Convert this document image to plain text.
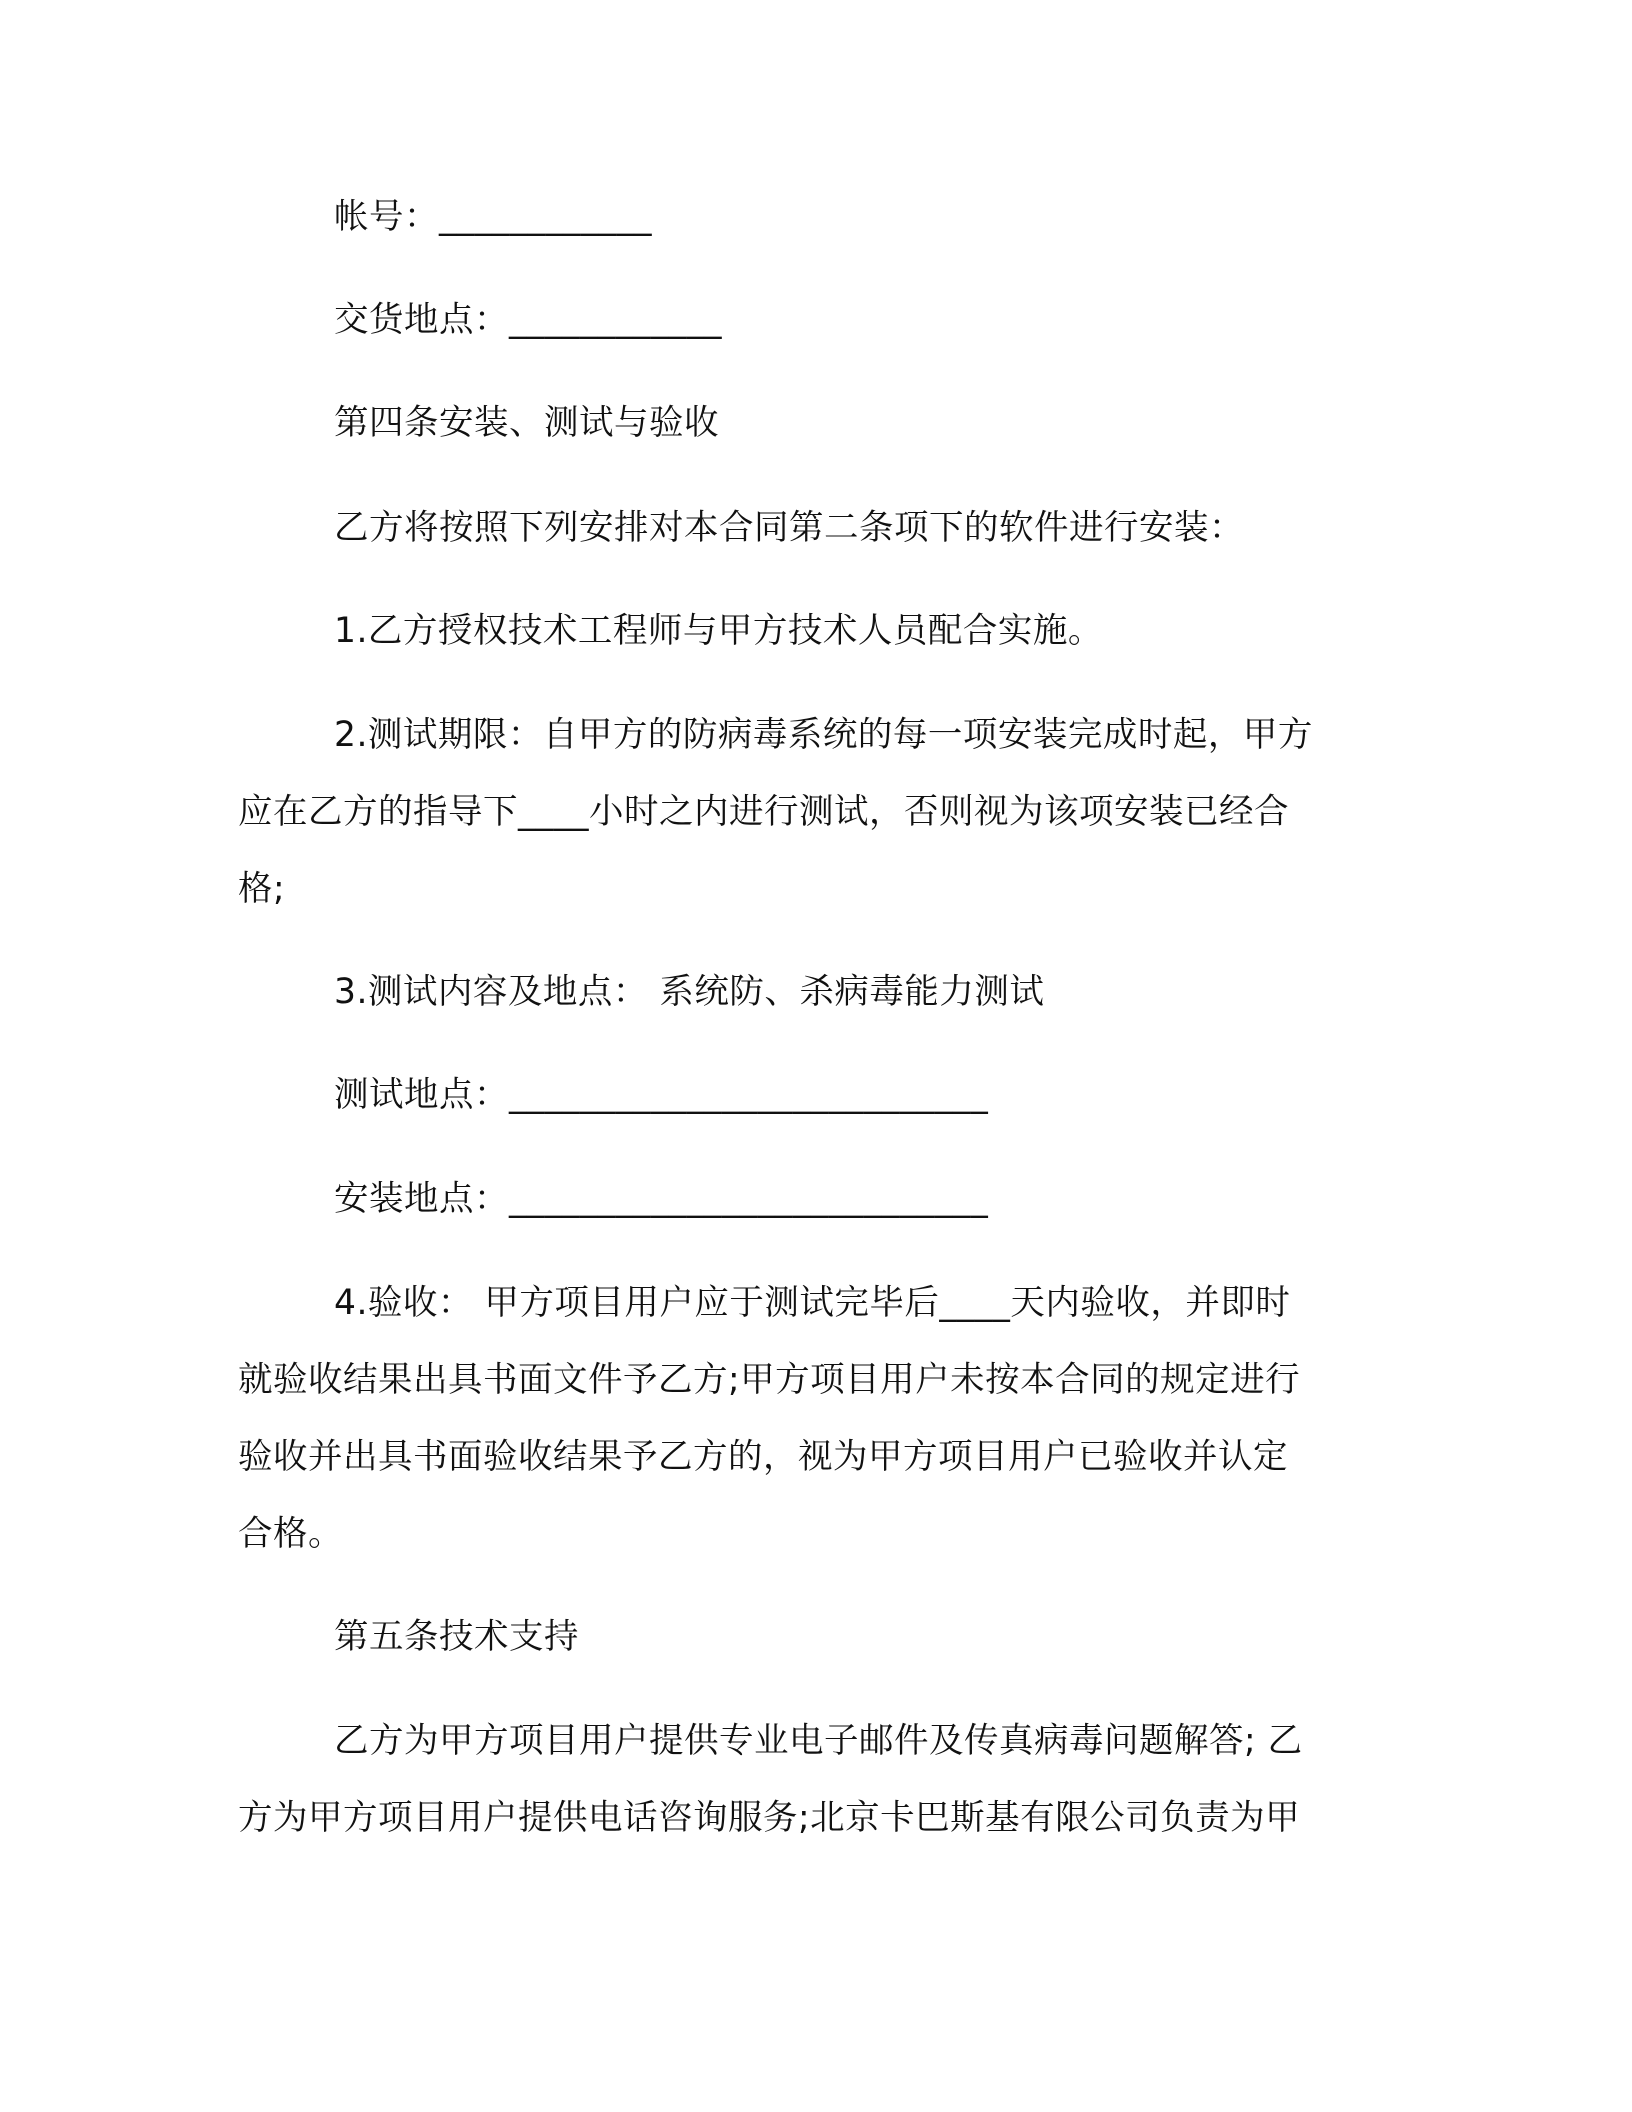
帐号：____________
交货地点：____________
第四条安装、测试与验收
乙方将按照下列安排对本合同第二条项下的软件进行安装：
1.乙方授权技术工程师与甲方技术人员配合实施。
2.测试期限：自甲方的防病毒系统的每一项安装完成时起，甲方
应在乙方的指导下____小时之内进行测试，否则视为该项安装已经合
格;
3.测试内容及地点： 系统防、杀病毒能力测试
测试地点：___________________________
安装地点：___________________________
4.验收： 甲方项目用户应于测试完毕后____天内验收，并即时
就验收结果出具书面文件予乙方;甲方项目用户未按本合同的规定进行
验收并出具书面验收结果予乙方的，视为甲方项目用户已验收并认定
合格。
第五条技术支持
乙方为甲方项目用户提供专业电子邮件及传真病毒问题解答; 乙
方为甲方项目用户提供电话咨询服务;北京卡巴斯基有限公司负责为甲
